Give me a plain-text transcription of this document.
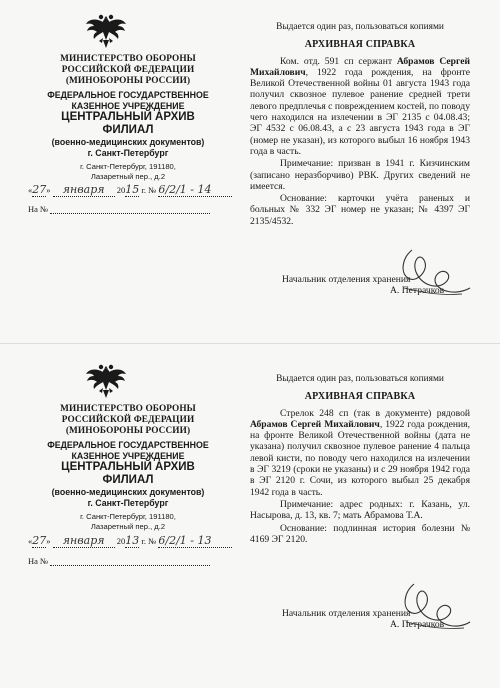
МИНИСТЕРСТВО ОБОРОНЫ
РОССИЙСКОЙ ФЕДЕРАЦИИ
(МИНОБОРОНЫ РОССИИ)
ФЕДЕРАЛЬНОЕ ГОСУДАРСТВЕННОЕ
КАЗЕННОЕ УЧРЕЖДЕНИЕ
ЦЕНТРАЛЬНЫЙ АРХИВ
ФИЛИАЛ
(военно-медицинских документов)
г. Санкт-Петербург
г. Санкт-Петербург, 191180,
Лазаретный пер., д.2
«27» января 2015 г. № 6/2/1 - 14
На №
Выдается один раз, пользоваться копиями
АРХИВНАЯ СПРАВКА

Ком. отд. 591 сп сержант Абрамов Сергей Михайлович, 1922 года рождения, на фронте Великой Отечественной войны 01 августа 1943 года получил сквозное пулевое ранение средней трети левого предплечья с повреждением костей, по поводу чего находился на излечении в ЭГ 2135 с 04.08.43; ЭГ 4532 с 06.08.43, а с 23 августа 1943 года в ЭГ (номер не указан), из которого выбыл 16 ноября 1943 года в часть.

Примечание: призван в 1941 г. Кизчинским (записано неразборчиво) РВК. Других сведений не имеется.

Основание: карточки учёта раненых и больных № 332 ЭГ номер не указан; № 4397 ЭГ 2135/4532.

Начальник отделения хранения
А. Петрачков
МИНИСТЕРСТВО ОБОРОНЫ
РОССИЙСКОЙ ФЕДЕРАЦИИ
(МИНОБОРОНЫ РОССИИ)
ФЕДЕРАЛЬНОЕ ГОСУДАРСТВЕННОЕ
КАЗЕННОЕ УЧРЕЖДЕНИЕ
ЦЕНТРАЛЬНЫЙ АРХИВ
ФИЛИАЛ
(военно-медицинских документов)
г. Санкт-Петербург
г. Санкт-Петербург, 191180,
Лазаретный пер., д.2
«27» января 2013 г. № 6/2/1 - 13
На №
Выдается один раз, пользоваться копиями
АРХИВНАЯ СПРАВКА

Стрелок 248 сп (так в документе) рядовой Абрамов Сергей Михайлович, 1922 года рождения, на фронте Великой Отечественной войны (дата не указана) получил сквозное пулевое ранение 4 пальца левой кисти, по поводу чего находился на излечении в ЭГ 3219 (сроки не указаны) и с 29 ноября 1942 года в ЭГ 2120 г. Сочи, из которого выбыл 25 декабря 1942 года в часть.

Примечание: адрес родных: г. Казань, ул. Насырова, д. 13, кв. 7; мать Абрамова Т.А.

Основание: подлинная история болезни № 4169 ЭГ 2120.

Начальник отделения хранения
А. Петрачков
